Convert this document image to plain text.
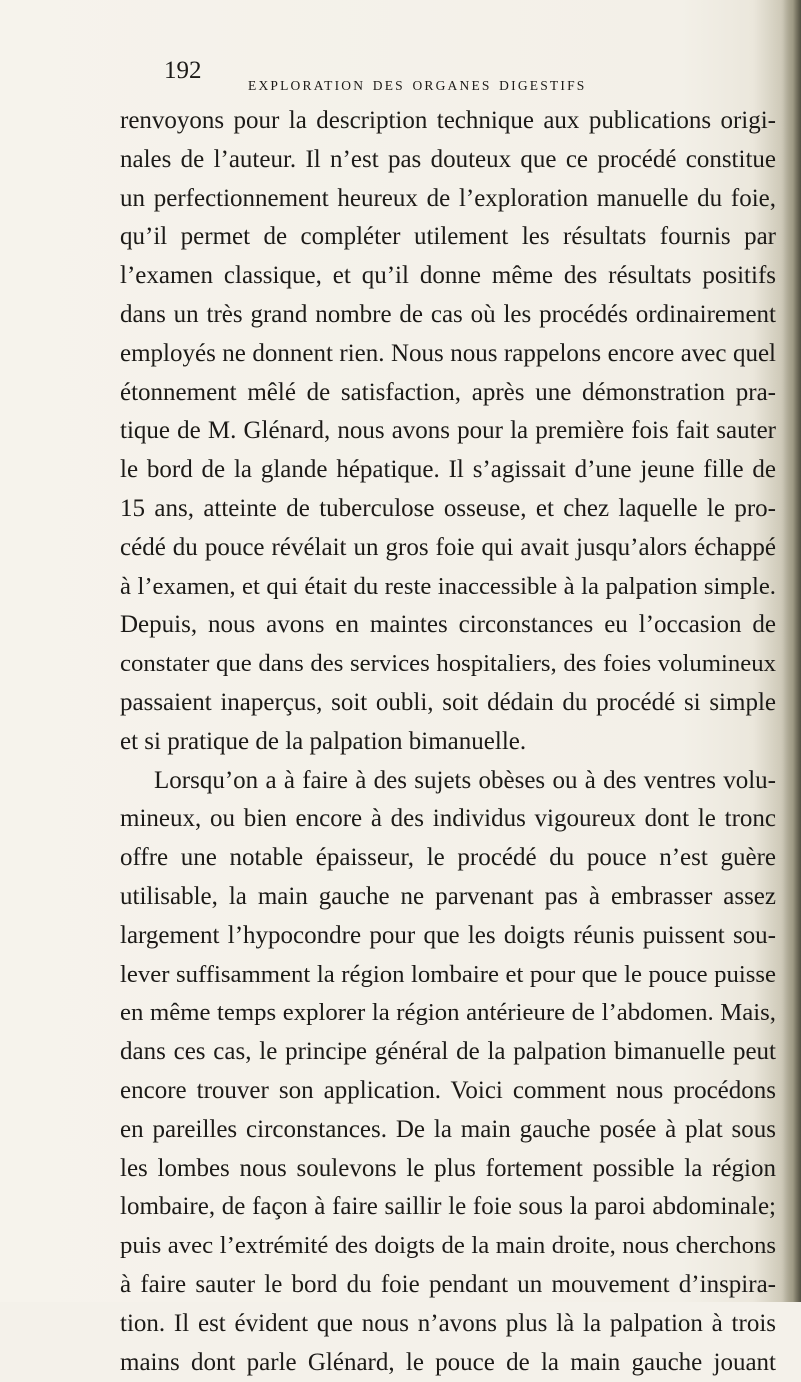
192
EXPLORATION DES ORGANES DIGESTIFS
renvoyons pour la description technique aux publications origi-
nales de l’auteur. Il n’est pas douteux que ce procédé constitue
un perfectionnement heureux de l’exploration manuelle du foie,
qu’il permet de compléter utilement les résultats fournis par
l’examen classique, et qu’il donne même des résultats positifs
dans un très grand nombre de cas où les procédés ordinairement
employés ne donnent rien. Nous nous rappelons encore avec quel
étonnement mêlé de satisfaction, après une démonstration pra-
tique de M. Glénard, nous avons pour la première fois fait sauter
le bord de la glande hépatique. Il s’agissait d’une jeune fille de
15 ans, atteinte de tuberculose osseuse, et chez laquelle le pro-
cédé du pouce révélait un gros foie qui avait jusqu’alors échappé
à l’examen, et qui était du reste inaccessible à la palpation simple.
Depuis, nous avons en maintes circonstances eu l’occasion de
constater que dans des services hospitaliers, des foies volumineux
passaient inaperçus, soit oubli, soit dédain du procédé si simple
et si pratique de la palpation bimanuelle.
Lorsqu’on a à faire à des sujets obèses ou à des ventres volu-
mineux, ou bien encore à des individus vigoureux dont le tronc
offre une notable épaisseur, le procédé du pouce n’est guère
utilisable, la main gauche ne parvenant pas à embrasser assez
largement l’hypocondre pour que les doigts réunis puissent sou-
lever suffisamment la région lombaire et pour que le pouce puisse
en même temps explorer la région antérieure de l’abdomen. Mais,
dans ces cas, le principe général de la palpation bimanuelle peut
encore trouver son application. Voici comment nous procédons
en pareilles circonstances. De la main gauche posée à plat sous
les lombes nous soulevons le plus fortement possible la région
lombaire, de façon à faire saillir le foie sous la paroi abdominale;
puis avec l’extrémité des doigts de la main droite, nous cherchons
à faire sauter le bord du foie pendant un mouvement d’inspira-
tion. Il est évident que nous n’avons plus là la palpation à trois
mains dont parle Glénard, le pouce de la main gauche jouant
